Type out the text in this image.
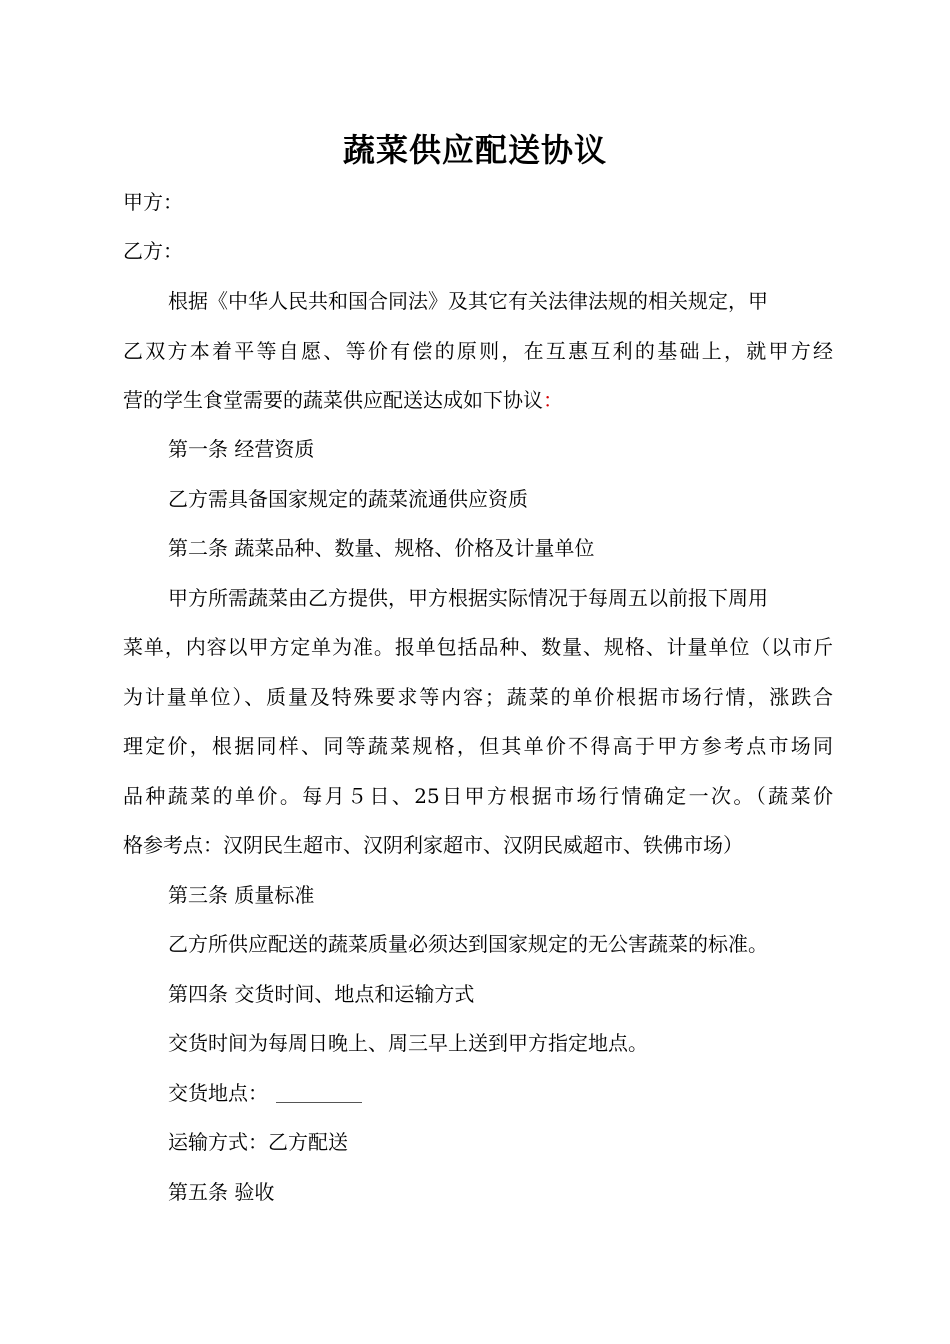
蔬菜供应配送协议
甲方：
乙方：
根据《中华人民共和国合同法》及其它有关法律法规的相关规定，甲
乙双方本着平等自愿、等价有偿的原则，在互惠互利的基础上，就甲方经
营的学生食堂需要的蔬菜供应配送达成如下协议：
第一条 经营资质
乙方需具备国家规定的蔬菜流通供应资质
第二条 蔬菜品种、数量、规格、价格及计量单位
甲方所需蔬菜由乙方提供，甲方根据实际情况于每周五以前报下周用
菜单，内容以甲方定单为准。报单包括品种、数量、规格、计量单位（以市斤
为计量单位）、质量及特殊要求等内容；蔬菜的单价根据市场行情，涨跌合
理定价，根据同样、同等蔬菜规格，但其单价不得高于甲方参考点市场同
品种蔬菜的单价。每月５日、25日甲方根据市场行情确定一次。（蔬菜价
格参考点：汉阴民生超市、汉阴利家超市、汉阴民威超市、铁佛市场）
第三条 质量标准
乙方所供应配送的蔬菜质量必须达到国家规定的无公害蔬菜的标准。
第四条 交货时间、地点和运输方式
交货时间为每周日晚上、周三早上送到甲方指定地点。
交货地点：
运输方式：乙方配送
第五条 验收
